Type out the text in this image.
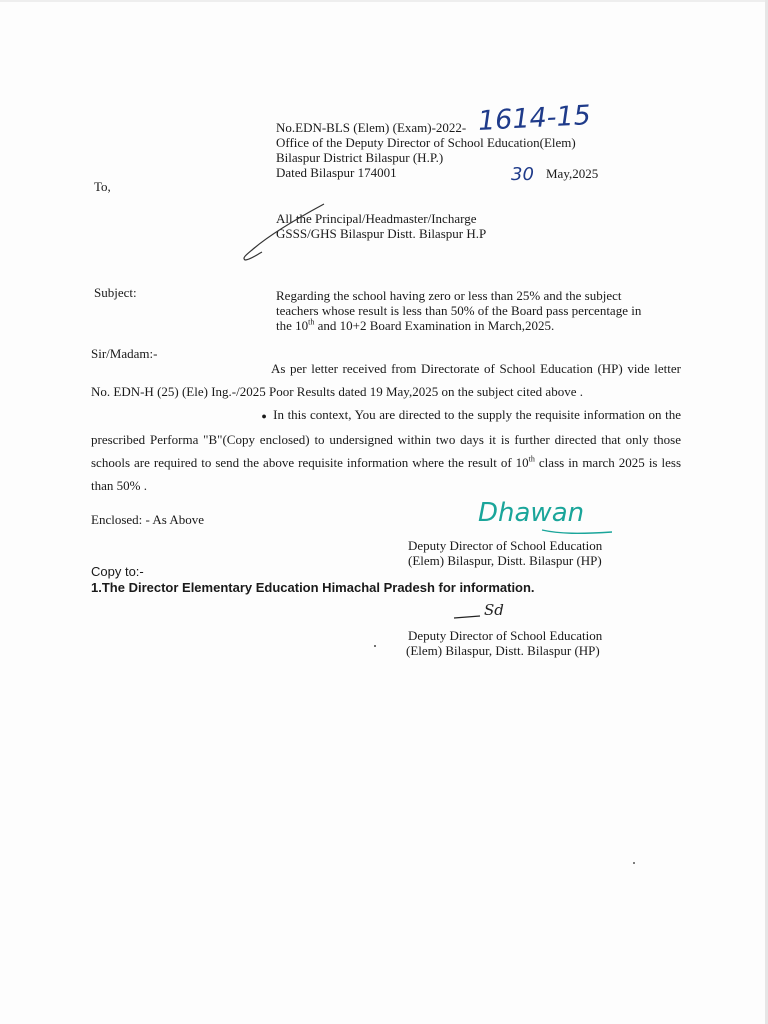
No.EDN-BLS (Elem) (Exam)-2022- 1614-15
Office of the Deputy Director of School Education(Elem)
Bilaspur District Bilaspur (H.P.)
Dated Bilaspur 174001	30 May,2025
To,
All the Principal/Headmaster/Incharge
GSSS/GHS Bilaspur Distt. Bilaspur H.P
Subject:	Regarding the school having zero or less than 25% and the subject
teachers whose result is less than 50% of the Board pass percentage in
the 10th and 10+2 Board Examination in March,2025.
Sir/Madam:-
As per letter received from Directorate of School Education (HP) vide letter No. EDN-H (25) (Ele) Ing.-/2025 Poor Results dated 19 May,2025 on the subject cited above .
● In this context, You are directed to the supply the requisite information on the prescribed Performa "B"(Copy enclosed) to undersigned within two days it is further directed that only those schools are required to send the above requisite information where the result of 10th class in march 2025 is less than 50% .
Enclosed: - As Above	Dhawan
Deputy Director of School Education
(Elem) Bilaspur, Distt. Bilaspur (HP)
Copy to:-
1.The Director Elementary Education Himachal Pradesh for information.
Sd
Deputy Director of School Education
(Elem) Bilaspur, Distt. Bilaspur (HP)
